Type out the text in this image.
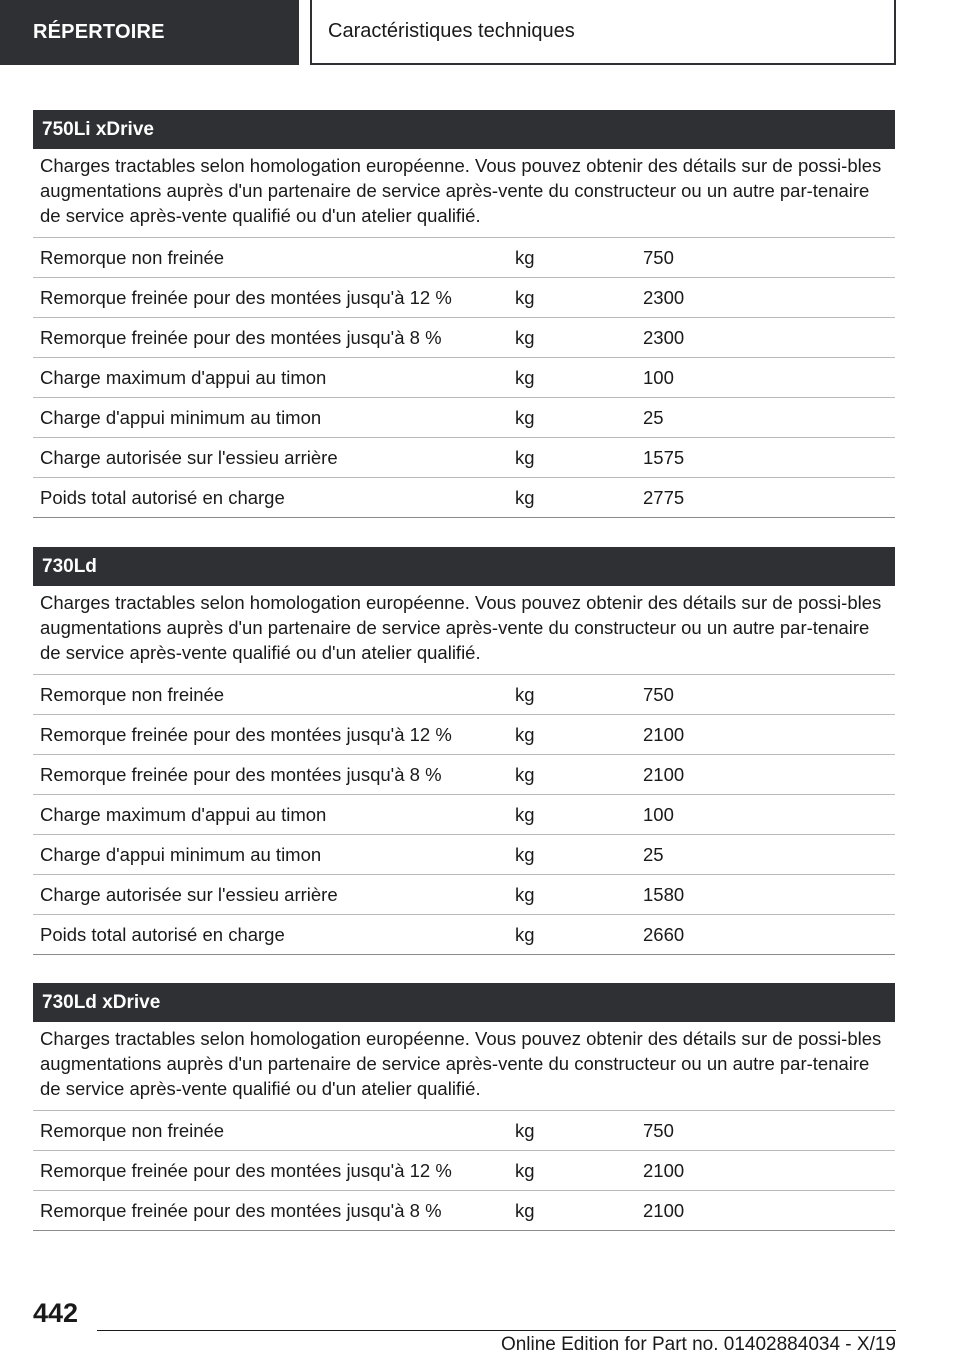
RÉPERTOIRE	Caractéristiques techniques
750Li xDrive
Charges tractables selon homologation européenne. Vous pouvez obtenir des détails sur de possi-bles augmentations auprès d'un partenaire de service après-vente du constructeur ou un autre par-tenaire de service après-vente qualifié ou d'un atelier qualifié.
Remorque non freinée	kg	750
Remorque freinée pour des montées jusqu'à 12 %	kg	2300
Remorque freinée pour des montées jusqu'à 8 %	kg	2300
Charge maximum d'appui au timon	kg	100
Charge d'appui minimum au timon	kg	25
Charge autorisée sur l'essieu arrière	kg	1575
Poids total autorisé en charge	kg	2775
730Ld
Charges tractables selon homologation européenne. Vous pouvez obtenir des détails sur de possi-bles augmentations auprès d'un partenaire de service après-vente du constructeur ou un autre par-tenaire de service après-vente qualifié ou d'un atelier qualifié.
Remorque non freinée	kg	750
Remorque freinée pour des montées jusqu'à 12 %	kg	2100
Remorque freinée pour des montées jusqu'à 8 %	kg	2100
Charge maximum d'appui au timon	kg	100
Charge d'appui minimum au timon	kg	25
Charge autorisée sur l'essieu arrière	kg	1580
Poids total autorisé en charge	kg	2660
730Ld xDrive
Charges tractables selon homologation européenne. Vous pouvez obtenir des détails sur de possi-bles augmentations auprès d'un partenaire de service après-vente du constructeur ou un autre par-tenaire de service après-vente qualifié ou d'un atelier qualifié.
Remorque non freinée	kg	750
Remorque freinée pour des montées jusqu'à 12 %	kg	2100
Remorque freinée pour des montées jusqu'à 8 %	kg	2100
442
Online Edition for Part no. 01402884034 - X/19
